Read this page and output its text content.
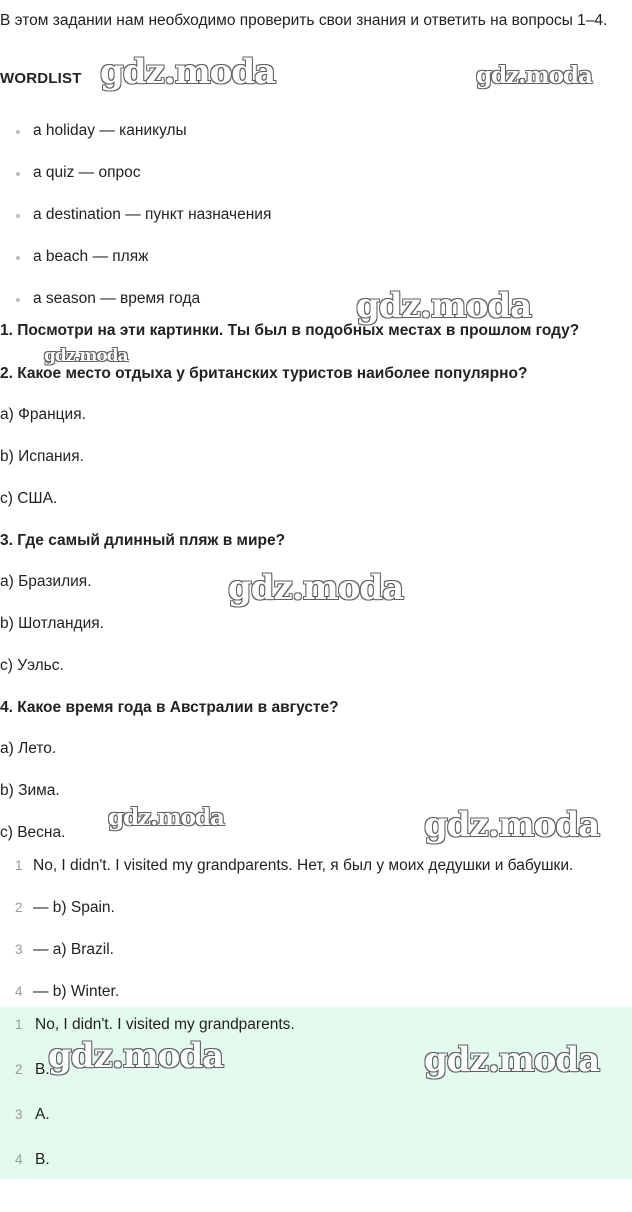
В этом задании нам необходимо проверить свои знания и ответить на вопросы 1–4.
WORDLIST
a holiday — каникулы
a quiz — опрос
a destination — пункт назначения
a beach — пляж
a season — время года
1. Посмотри на эти картинки. Ты был в подобных местах в прошлом году?
2. Какое место отдыха у британских туристов наиболее популярно?
a) Франция.
b) Испания.
c) США.
3. Где самый длинный пляж в мире?
a) Бразилия.
b) Шотландия.
c) Уэльс.
4. Какое время года в Австралии в августе?
a) Лето.
b) Зима.
c) Весна.
1 No, I didn't. I visited my grandparents. Нет, я был у моих дедушки и бабушки.
2 — b) Spain.
3 — a) Brazil.
4 — b) Winter.
1 No, I didn't. I visited my grandparents.
2 B.
3 A.
4 B.
gdz.moda	gdz.moda
gdz.moda
gdz.moda
gdz.moda
gdz.moda	gdz.moda
gdz.moda	gdz.moda
